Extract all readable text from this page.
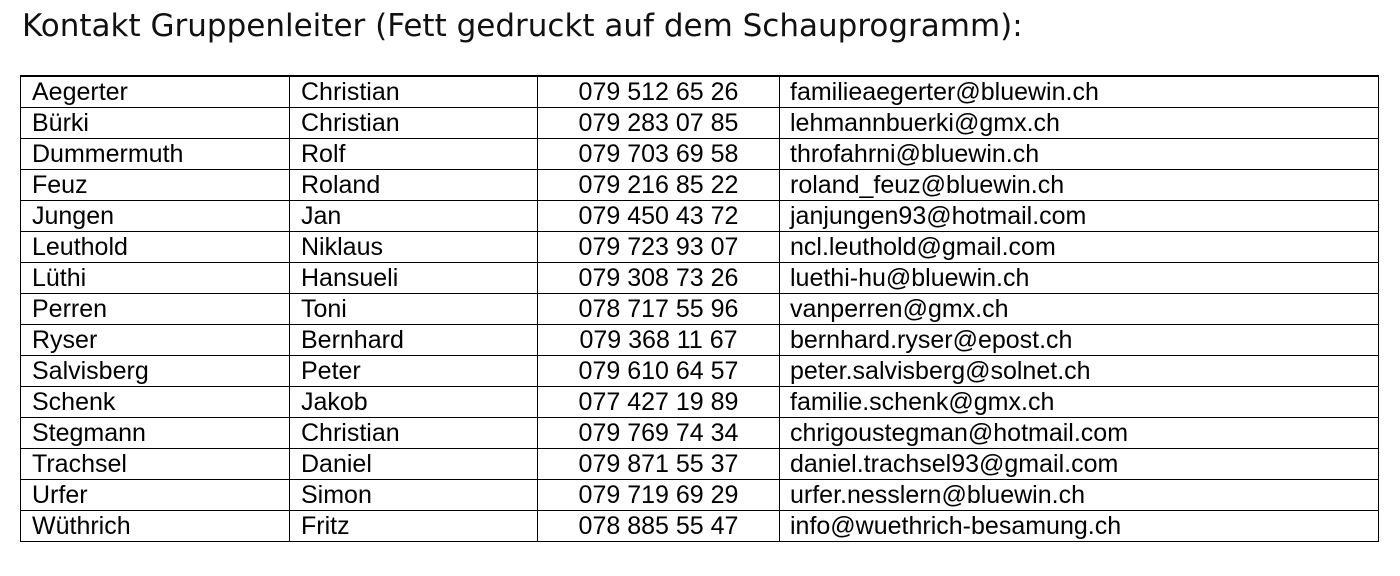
Kontakt Gruppenleiter (Fett gedruckt auf dem Schauprogramm):
Aegerter	Christian	079 512 65 26	familieaegerter@bluewin.ch
Bürki	Christian	079 283 07 85	lehmannbuerki@gmx.ch
Dummermuth	Rolf	079 703 69 58	throfahrni@bluewin.ch
Feuz	Roland	079 216 85 22	roland_feuz@bluewin.ch
Jungen	Jan	079 450 43 72	janjungen93@hotmail.com
Leuthold	Niklaus	079 723 93 07	ncl.leuthold@gmail.com
Lüthi	Hansueli	079 308 73 26	luethi-hu@bluewin.ch
Perren	Toni	078 717 55 96	vanperren@gmx.ch
Ryser	Bernhard	079 368 11 67	bernhard.ryser@epost.ch
Salvisberg	Peter	079 610 64 57	peter.salvisberg@solnet.ch
Schenk	Jakob	077 427 19 89	familie.schenk@gmx.ch
Stegmann	Christian	079 769 74 34	chrigoustegman@hotmail.com
Trachsel	Daniel	079 871 55 37	daniel.trachsel93@gmail.com
Urfer	Simon	079 719 69 29	urfer.nesslern@bluewin.ch
Wüthrich	Fritz	078 885 55 47	info@wuethrich-besamung.ch
